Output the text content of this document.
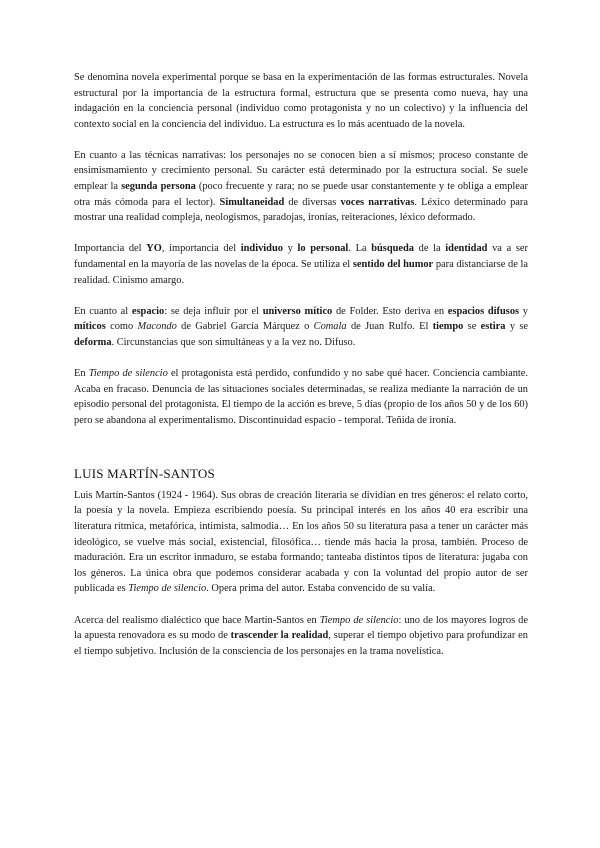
Se denomina novela experimental porque se basa en la experimentación de las formas estructurales. Novela estructural por la importancia de la estructura formal, estructura que se presenta como nueva, hay una indagación en la conciencia personal (individuo como protagonista y no un colectivo) y la influencia del contexto social en la conciencia del individuo. La estructura es lo más acentuado de la novela.

En cuanto a las técnicas narrativas: los personajes no se conocen bien a sí mismos; proceso constante de ensimismamiento y crecimiento personal. Su carácter está determinado por la estructura social. Se suele emplear la segunda persona (poco frecuente y rara; no se puede usar constantemente y te obliga a emplear otra más cómoda para el lector). Simultaneidad de diversas voces narrativas. Léxico determinado para mostrar una realidad compleja, neologismos, paradojas, ironías, reiteraciones, léxico deformado.

Importancia del YO, importancia del individuo y lo personal. La búsqueda de la identidad va a ser fundamental en la mayoría de las novelas de la época. Se utiliza el sentido del humor para distanciarse de la realidad. Cinismo amargo.

En cuanto al espacio: se deja influir por el universo mítico de Folder. Esto deriva en espacios difusos y míticos como Macondo de Gabriel García Márquez o Comala de Juan Rulfo. El tiempo se estira y se deforma. Circunstancias que son simultáneas y a la vez no. Difuso.

En Tiempo de silencio el protagonista está perdido, confundido y no sabe qué hacer. Conciencia cambiante. Acaba en fracaso. Denuncia de las situaciones sociales determinadas, se realiza mediante la narración de un episodio personal del protagonista. El tiempo de la acción es breve, 5 días (propio de los años 50 y de los 60) pero se abandona al experimentalismo. Discontinuidad espacio - temporal. Teñida de ironía.

LUIS MARTÍN-SANTOS

Luis Martín-Santos (1924 - 1964). Sus obras de creación literaria se dividían en tres géneros: el relato corto, la poesía y la novela. Empieza escribiendo poesía. Su principal interés en los años 40 era escribir una literatura rítmica, metafórica, intimista, salmodia… En los años 50 su literatura pasa a tener un carácter más ideológico, se vuelve más social, existencial, filosófica… tiende más hacia la prosa, también. Proceso de maduración. Era un escritor inmaduro, se estaba formando; tanteaba distintos tipos de literatura: jugaba con los géneros. La única obra que podemos considerar acabada y con la voluntad del propio autor de ser publicada es Tiempo de silencio. Opera prima del autor. Estaba convencido de su valía.

Acerca del realismo dialéctico que hace Martín-Santos en Tiempo de silencio: uno de los mayores logros de la apuesta renovadora es su modo de trascender la realidad, superar el tiempo objetivo para profundizar en el tiempo subjetivo. Inclusión de la consciencia de los personajes en la trama novelística.
